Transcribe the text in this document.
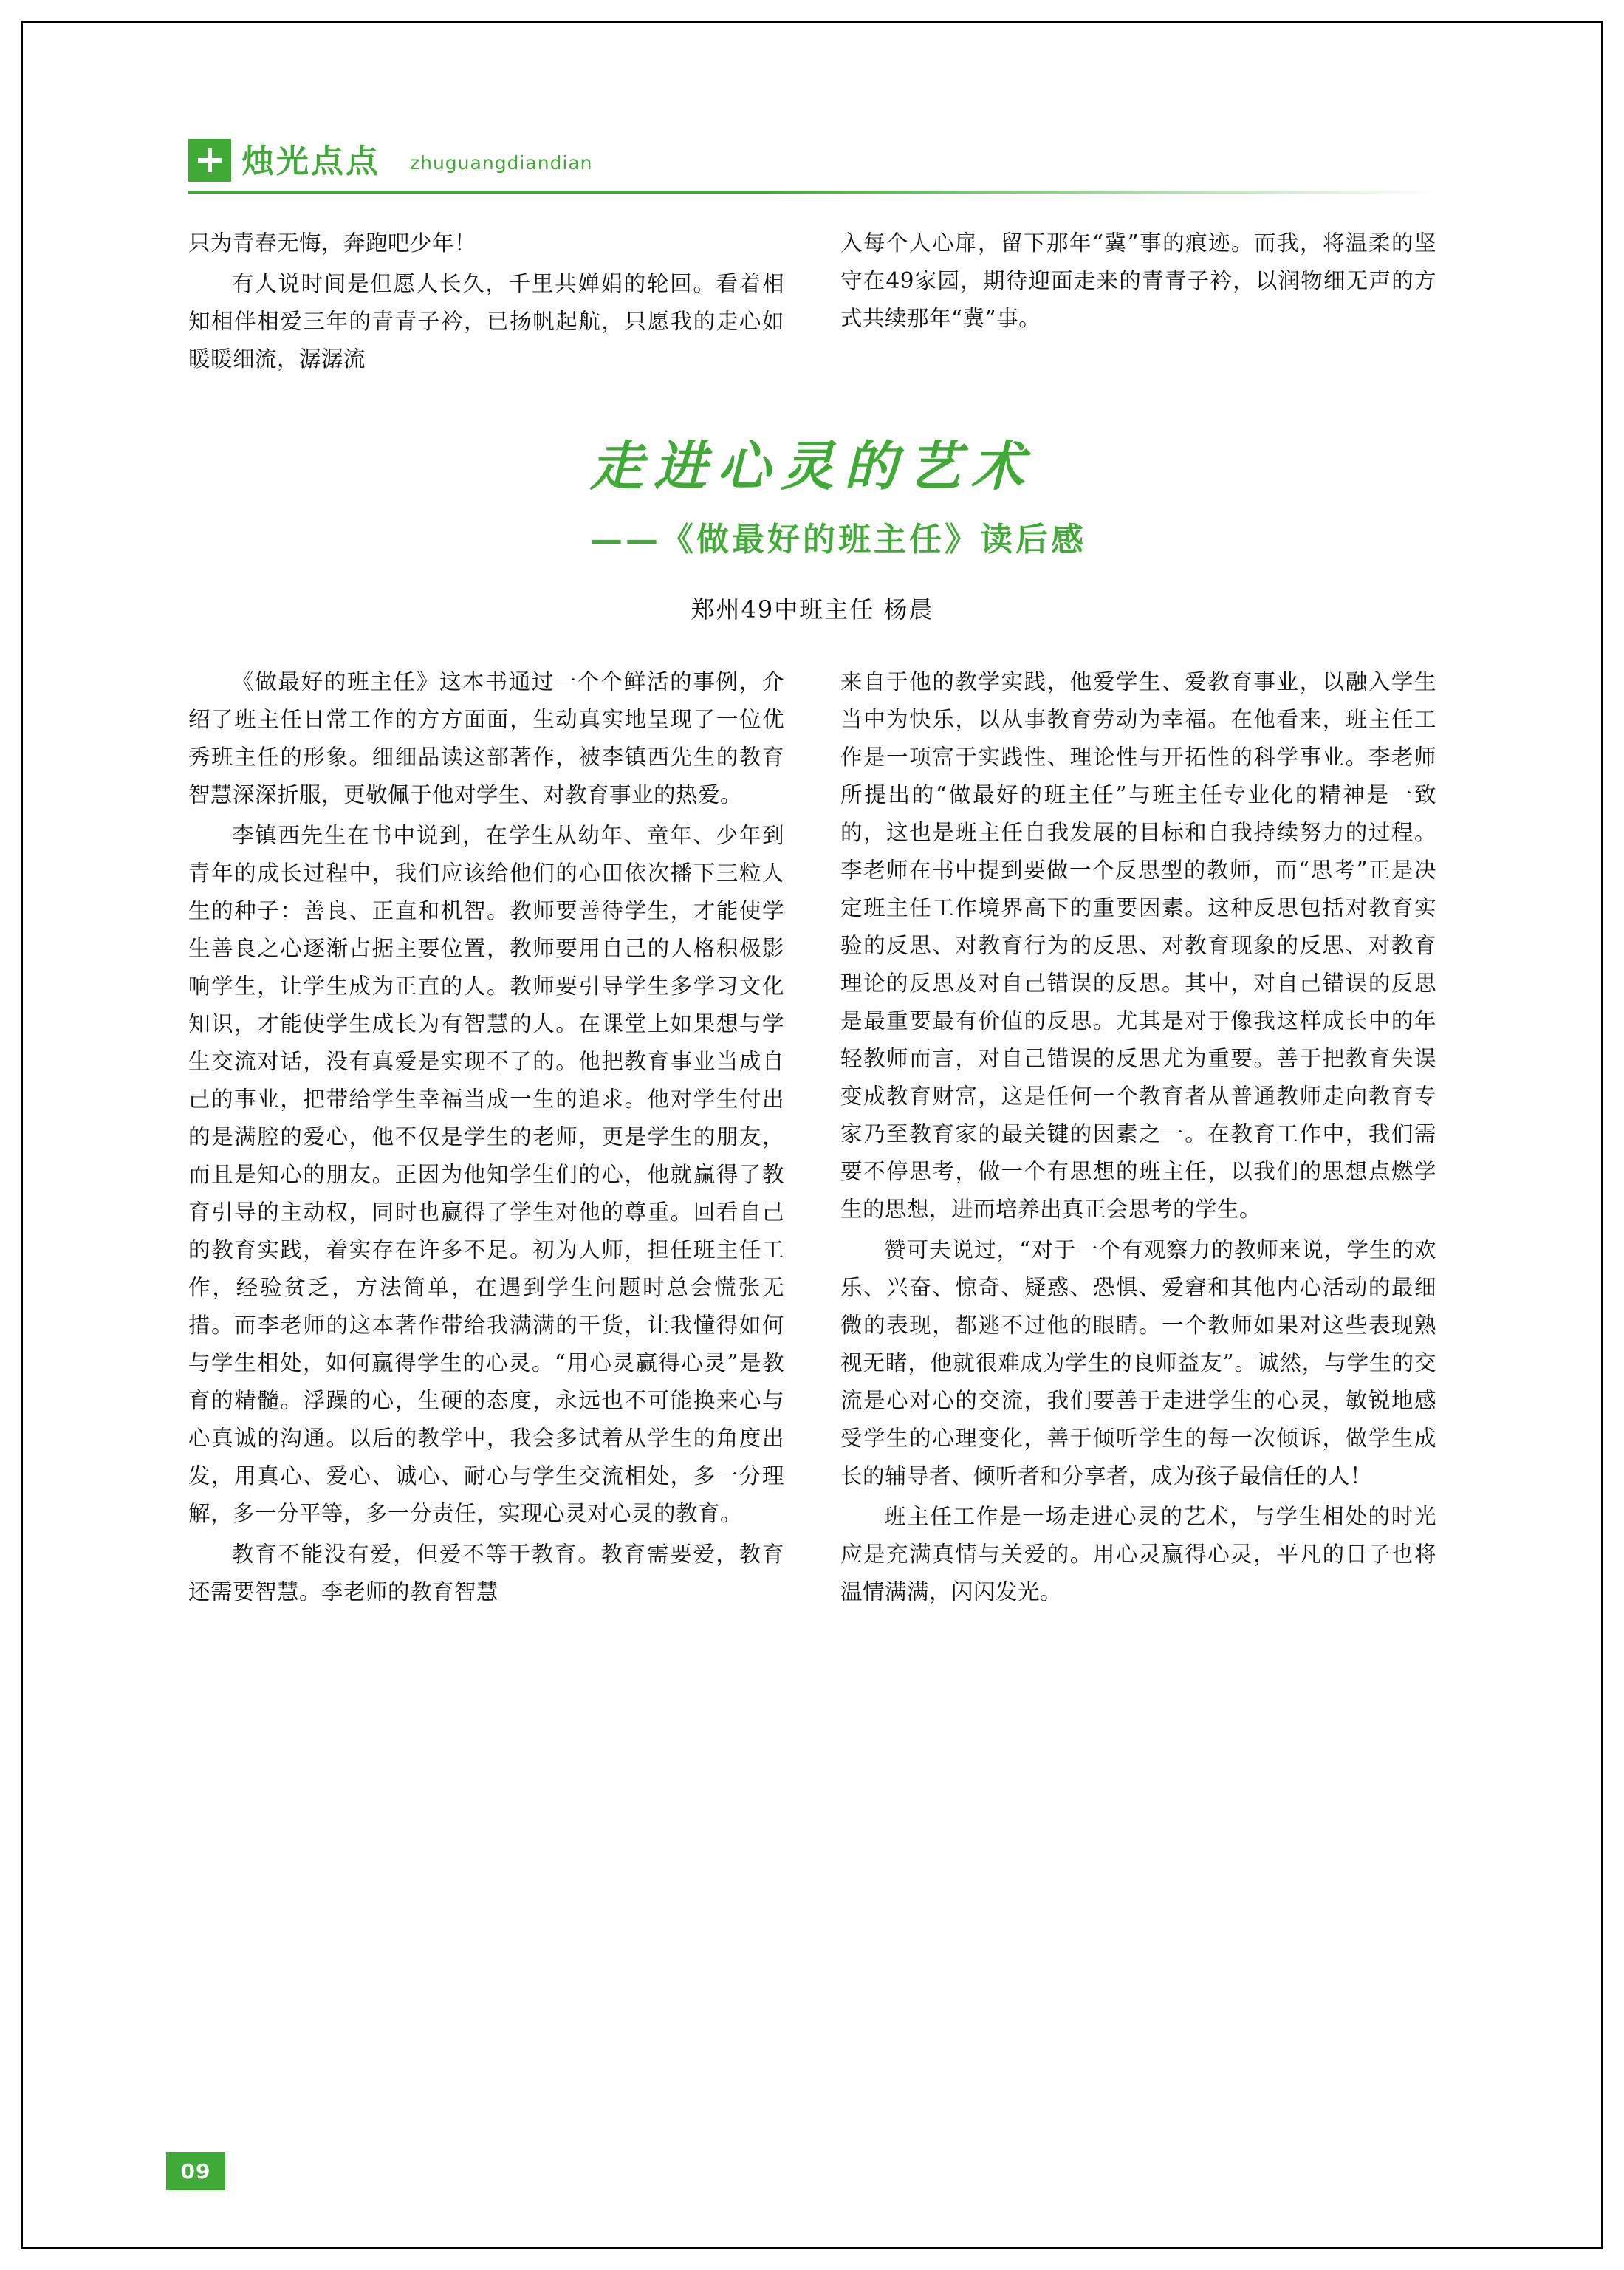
烛光点点 zhuguangdiandian

只为青春无悔，奔跑吧少年！

有人说时间是但愿人长久，千里共婵娟的轮回。看着相知相伴相爱三年的青青子衿，已扬帆起航，只愿我的走心如暖暖细流，潺潺流

入每个人心扉，留下那年“冀”事的痕迹。而我，将温柔的坚守在49家园，期待迎面走来的青青子衿，以润物细无声的方式共续那年“冀”事。

走进心灵的艺术
——《做最好的班主任》读后感
郑州49中班主任 杨晨

《做最好的班主任》这本书通过一个个鲜活的事例，介绍了班主任日常工作的方方面面，生动真实地呈现了一位优秀班主任的形象。细细品读这部著作，被李镇西先生的教育智慧深深折服，更敬佩于他对学生、对教育事业的热爱。

李镇西先生在书中说到，在学生从幼年、童年、少年到青年的成长过程中，我们应该给他们的心田依次播下三粒人生的种子：善良、正直和机智。教师要善待学生，才能使学生善良之心逐渐占据主要位置，教师要用自己的人格积极影响学生，让学生成为正直的人。教师要引导学生多学习文化知识，才能使学生成长为有智慧的人。在课堂上如果想与学生交流对话，没有真爱是实现不了的。他把教育事业当成自己的事业，把带给学生幸福当成一生的追求。他对学生付出的是满腔的爱心，他不仅是学生的老师，更是学生的朋友，而且是知心的朋友。正因为他知学生们的心，他就赢得了教育引导的主动权，同时也赢得了学生对他的尊重。回看自己的教育实践，着实存在许多不足。初为人师，担任班主任工作，经验贫乏，方法简单，在遇到学生问题时总会慌张无措。而李老师的这本著作带给我满满的干货，让我懂得如何与学生相处，如何赢得学生的心灵。“用心灵赢得心灵”是教育的精髓。浮躁的心，生硬的态度，永远也不可能换来心与心真诚的沟通。以后的教学中，我会多试着从学生的角度出发，用真心、爱心、诚心、耐心与学生交流相处，多一分理解，多一分平等，多一分责任，实现心灵对心灵的教育。

教育不能没有爱，但爱不等于教育。教育需要爱，教育还需要智慧。李老师的教育智慧

来自于他的教学实践，他爱学生、爱教育事业，以融入学生当中为快乐，以从事教育劳动为幸福。在他看来，班主任工作是一项富于实践性、理论性与开拓性的科学事业。李老师所提出的“做最好的班主任”与班主任专业化的精神是一致的，这也是班主任自我发展的目标和自我持续努力的过程。李老师在书中提到要做一个反思型的教师，而“思考”正是决定班主任工作境界高下的重要因素。这种反思包括对教育实验的反思、对教育行为的反思、对教育现象的反思、对教育理论的反思及对自己错误的反思。其中，对自己错误的反思是最重要最有价值的反思。尤其是对于像我这样成长中的年轻教师而言，对自己错误的反思尤为重要。善于把教育失误变成教育财富，这是任何一个教育者从普通教师走向教育专家乃至教育家的最关键的因素之一。在教育工作中，我们需要不停思考，做一个有思想的班主任，以我们的思想点燃学生的思想，进而培养出真正会思考的学生。

赞可夫说过，“对于一个有观察力的教师来说，学生的欢乐、兴奋、惊奇、疑惑、恐惧、爱窘和其他内心活动的最细微的表现，都逃不过他的眼睛。一个教师如果对这些表现熟视无睹，他就很难成为学生的良师益友”。诚然，与学生的交流是心对心的交流，我们要善于走进学生的心灵，敏锐地感受学生的心理变化，善于倾听学生的每一次倾诉，做学生成长的辅导者、倾听者和分享者，成为孩子最信任的人！

班主任工作是一场走进心灵的艺术，与学生相处的时光应是充满真情与关爱的。用心灵赢得心灵，平凡的日子也将温情满满，闪闪发光。

09
